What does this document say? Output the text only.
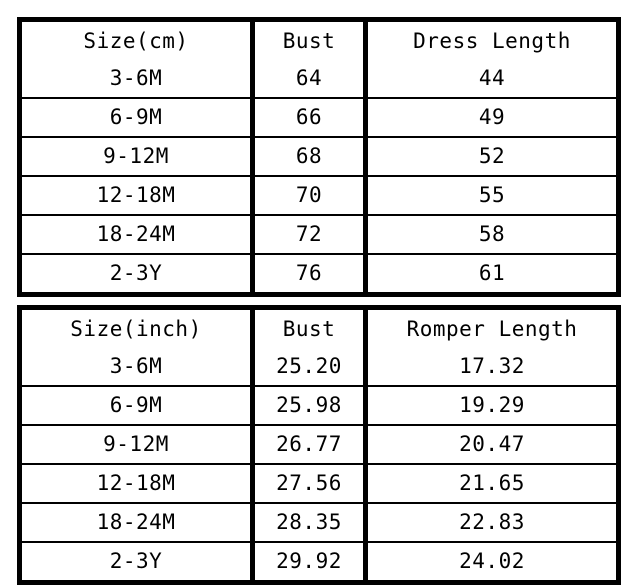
Size(cm)	Bust	Dress Length
3-6M	64	44
6-9M	66	49
9-12M	68	52
12-18M	70	55
18-24M	72	58
2-3Y	76	61
Size(inch)	Bust	Romper Length
3-6M	25.20	17.32
6-9M	25.98	19.29
9-12M	26.77	20.47
12-18M	27.56	21.65
18-24M	28.35	22.83
2-3Y	29.92	24.02
